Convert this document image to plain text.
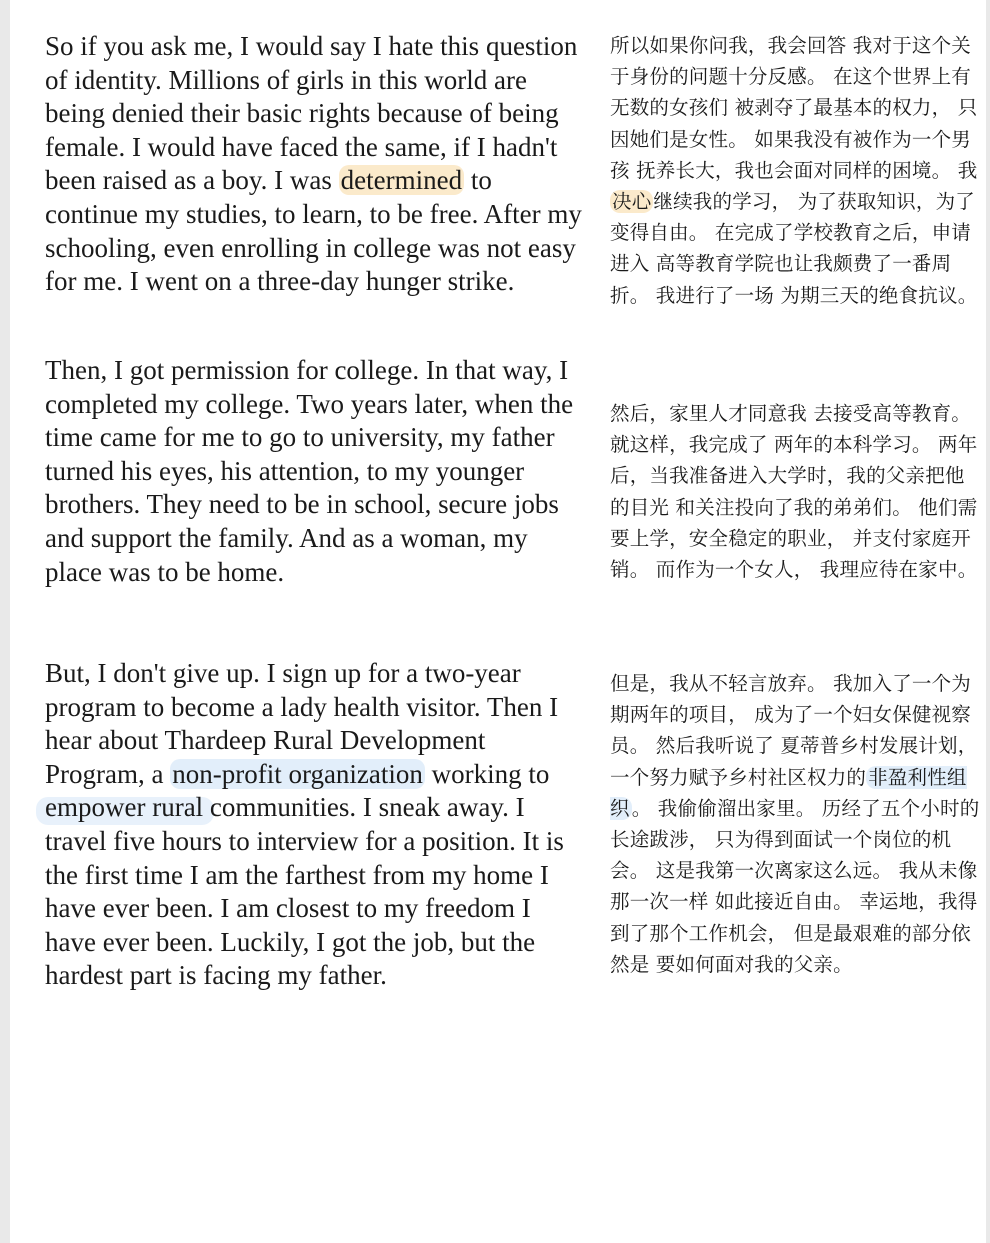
So if you ask me, I would say I hate this question of identity. Millions of girls in this world are being denied their basic rights because of being female. I would have faced the same, if I hadn't been raised as a boy. I was determined to continue my studies, to learn, to be free. After my schooling, even enrolling in college was not easy for me. I went on a three-day hunger strike.

Then, I got permission for college. In that way, I completed my college. Two years later, when the time came for me to go to university, my father turned his eyes, his attention, to my younger brothers. They need to be in school, secure jobs and support the family. And as a woman, my place was to be home.

But, I don't give up. I sign up for a two-year program to become a lady health visitor. Then I hear about Thardeep Rural Development Program, a non-profit organization working to empower rural communities. I sneak away. I travel five hours to interview for a position. It is the first time I am the farthest from my home I have ever been. I am closest to my freedom I have ever been. Luckily, I got the job, but the hardest part is facing my father.

所以如果你问我，我会回答 我对于这个关于身份的问题十分反感。 在这个世界上有无数的女孩们 被剥夺了最基本的权力， 只因她们是女性。 如果我没有被作为一个男孩 抚养长大，我也会面对同样的困境。 我决心 继续我的学习， 为了获取知识，为了变得自由。 在完成了学校教育之后，申请进入 高等教育学院也让我颇费了一番周折。 我进行了一场 为期三天的绝食抗议。

然后，家里人才同意我 去接受高等教育。就这样，我完成了 两年的本科学习。 两年后，当我准备进入大学时，我的父亲把他的目光 和关注投向了我的弟弟们。 他们需要上学，安全稳定的职业， 并支付家庭开销。 而作为一个女人， 我理应待在家中。

但是，我从不轻言放弃。 我加入了一个为期两年的项目， 成为了一个妇女保健视察员。 然后我听说了 夏蒂普乡村发展计划， 一个努力赋予乡村社区权力的 非盈利性组织 。 我偷偷溜出家里。 历经了五个小时的长途跋涉， 只为得到面试一个岗位的机会。 这是我第一次离家这么远。 我从未像那一次一样 如此接近自由。 幸运地，我得到了那个工作机会， 但是最艰难的部分依然是 要如何面对我的父亲。
